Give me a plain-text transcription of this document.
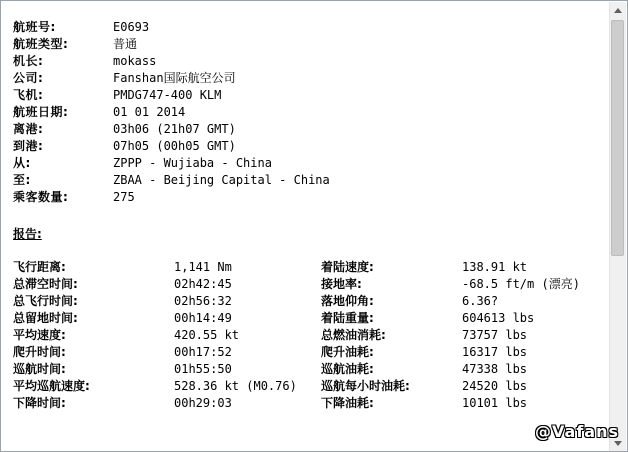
航班号:	E0693
航班类型:	普通
机长:	mokass
公司:	Fanshan国际航空公司
飞机:	PMDG747-400 KLM
航班日期:	01 01 2014
离港:	03h06 (21h07 GMT)
到港:	07h05 (00h05 GMT)
从:	ZPPP - Wujiaba - China
至:	ZBAA - Beijing Capital - China
乘客数量:	275
报告:
飞行距离:	1,141 Nm	着陆速度:	138.91 kt
总滞空时间:	02h42:45	接地率:	-68.5 ft/m (漂亮)
总飞行时间:	02h56:32	落地仰角:	6.36?
总留地时间:	00h14:49	着陆重量:	604613 lbs
平均速度:	420.55 kt	总燃油消耗:	73757 lbs
爬升时间:	00h17:52	爬升油耗:	16317 lbs
巡航时间:	01h55:50	巡航油耗:	47338 lbs
平均巡航速度:	528.36 kt (M0.76) 巡航每小时油耗:	24520 lbs
下降时间:	00h29:03	下降油耗:	10101 lbs

@Vafans
